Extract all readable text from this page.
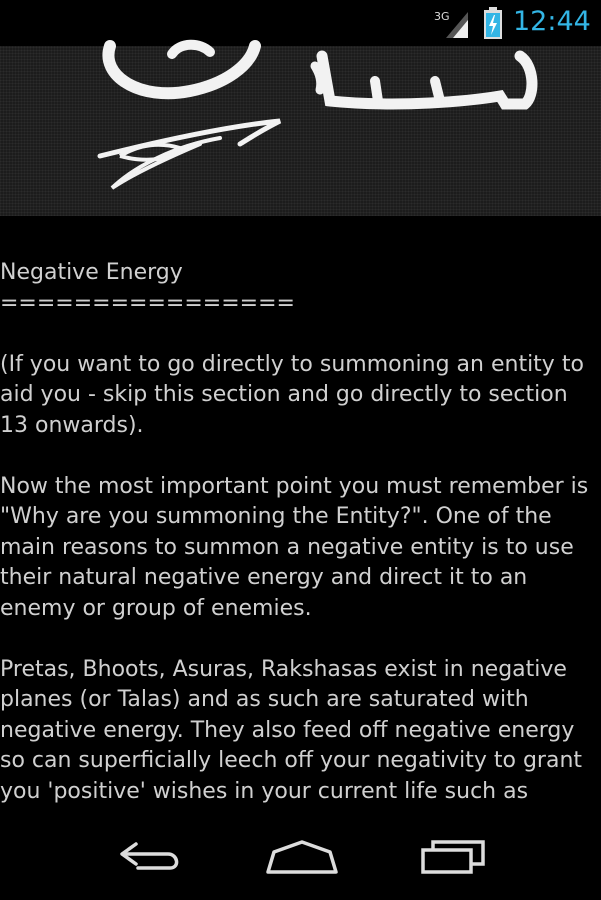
3G 12:44

Negative Energy

================

(If you want to go directly to summoning an entity to aid you - skip this section and go directly to section 13 onwards).

Now the most important point you must remember is "Why are you summoning the Entity?". One of the main reasons to summon a negative entity is to use their natural negative energy and direct it to an enemy or group of enemies.

Pretas, Bhoots, Asuras, Rakshasas exist in negative planes (or Talas) and as such are saturated with negative energy. They also feed off negative energy so can superficially leech off your negativity to grant you 'positive' wishes in your current life such as
